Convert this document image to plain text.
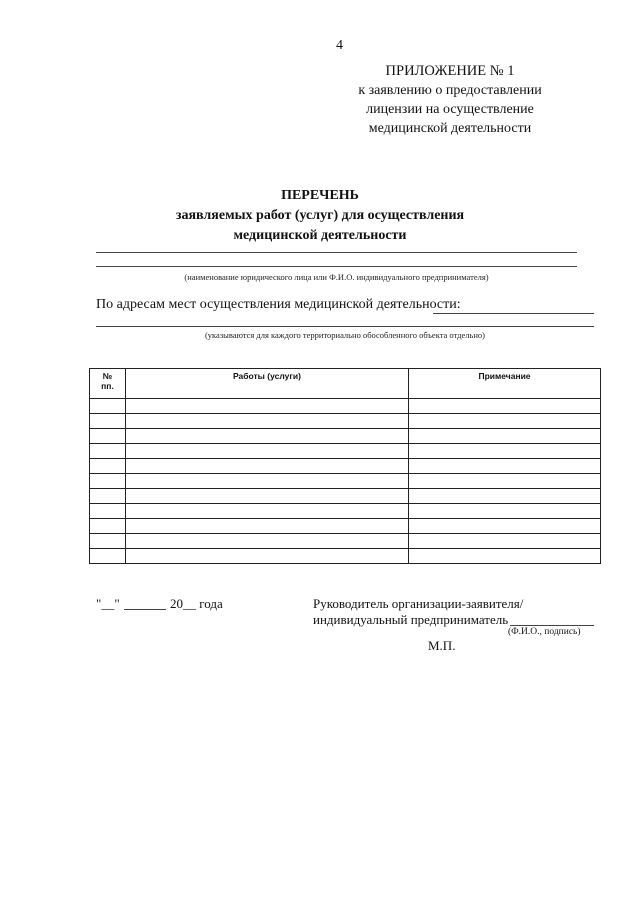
4
ПРИЛОЖЕНИЕ № 1
к заявлению о предоставлении
лицензии на осуществление
медицинской деятельности
ПЕРЕЧЕНЬ
заявляемых работ (услуг) для осуществления
медицинской деятельности
(наименование юридического лица или Ф.И.О. индивидуального предпринимателя)
По адресам мест осуществления медицинской деятельности:
(указываются для каждого территориально обособленного объекта отдельно)
№
пп.	Работы (услуги)	Примечание

"__"	20__ года	Руководитель организации-заявителя/
индивидуальный предприниматель
(Ф.И.О., подпись)
М.П.
